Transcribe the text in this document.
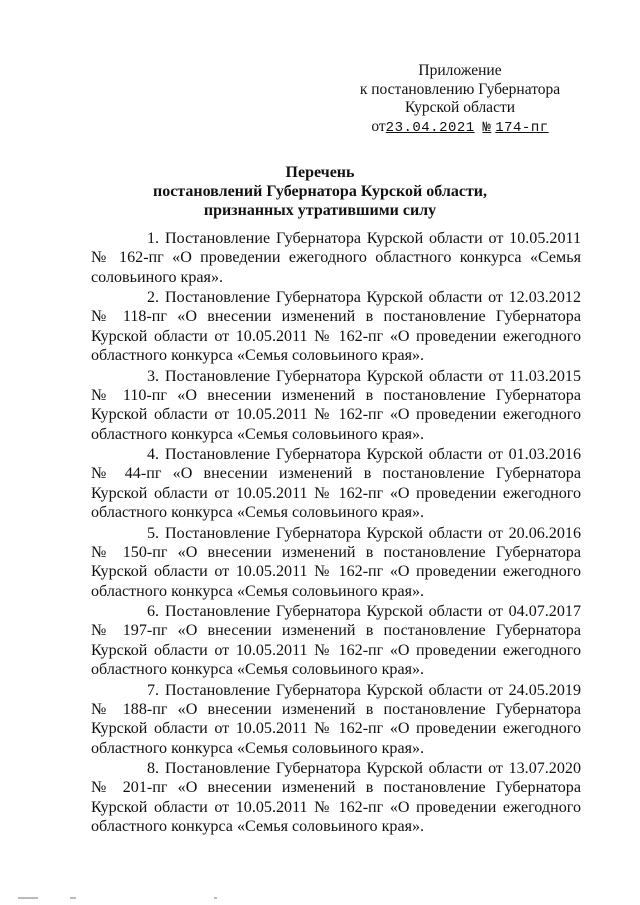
Приложение
к постановлению Губернатора
Курской области
от23.04.2021 № 174-пг
Перечень
постановлений Губернатора Курской области,
признанных утратившими силу

1. Постановление Губернатора Курской области от 10.05.2011 № 162-пг «О проведении ежегодного областного конкурса «Семья соловьиного края».

2. Постановление Губернатора Курской области от 12.03.2012 № 118-пг «О внесении изменений в постановление Губернатора Курской области от 10.05.2011 № 162-пг «О проведении ежегодного областного конкурса «Семья соловьиного края».

3. Постановление Губернатора Курской области от 11.03.2015 № 110-пг «О внесении изменений в постановление Губернатора Курской области от 10.05.2011 № 162-пг «О проведении ежегодного областного конкурса «Семья соловьиного края».

4. Постановление Губернатора Курской области от 01.03.2016 № 44-пг «О внесении изменений в постановление Губернатора Курской области от 10.05.2011 № 162-пг «О проведении ежегодного областного конкурса «Семья соловьиного края».

5. Постановление Губернатора Курской области от 20.06.2016 № 150-пг «О внесении изменений в постановление Губернатора Курской области от 10.05.2011 № 162-пг «О проведении ежегодного областного конкурса «Семья соловьиного края».

6. Постановление Губернатора Курской области от 04.07.2017 № 197-пг «О внесении изменений в постановление Губернатора Курской области от 10.05.2011 № 162-пг «О проведении ежегодного областного конкурса «Семья соловьиного края».

7. Постановление Губернатора Курской области от 24.05.2019 № 188-пг «О внесении изменений в постановление Губернатора Курской области от 10.05.2011 № 162-пг «О проведении ежегодного областного конкурса «Семья соловьиного края».

8. Постановление Губернатора Курской области от 13.07.2020 № 201-пг «О внесении изменений в постановление Губернатора Курской области от 10.05.2011 № 162-пг «О проведении ежегодного областного конкурса «Семья соловьиного края».
